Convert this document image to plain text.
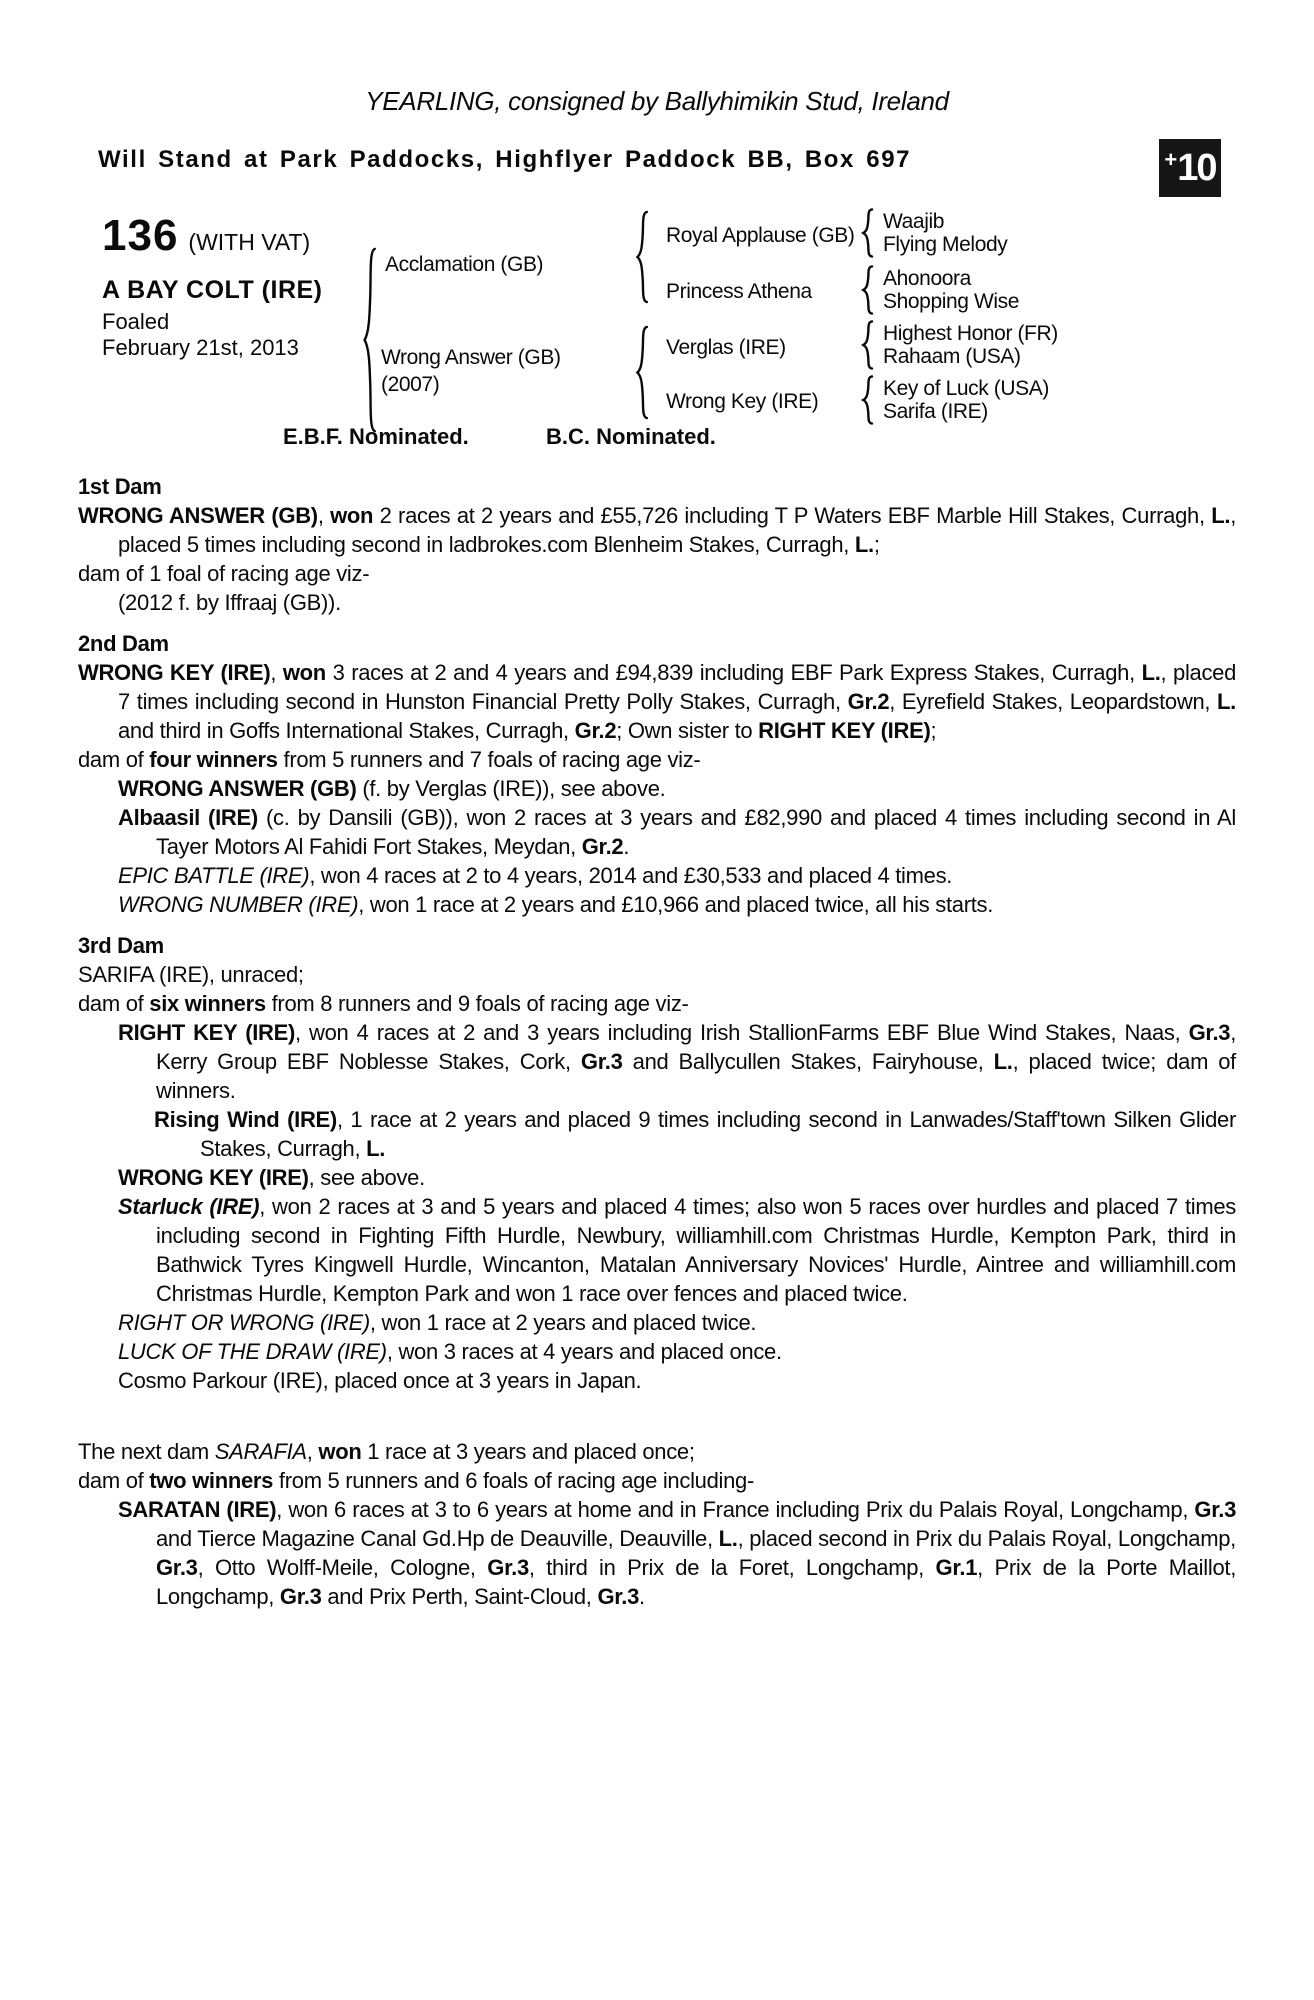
YEARLING, consigned by Ballyhimikin Stud, Ireland
Will Stand at Park Paddocks, Highflyer Paddock BB, Box 697	+ 10
136 (WITH VAT)
A BAY COLT (IRE)
Foaled
February 21st, 2013
Acclamation (GB)
Wrong Answer (GB)
(2007)
Royal Applause (GB)
Princess Athena
Verglas (IRE)
Wrong Key (IRE)
Waajib
Flying Melody
Ahonoora
Shopping Wise
Highest Honor (FR)
Rahaam (USA)
Key of Luck (USA)
Sarifa (IRE)
E.B.F. Nominated.	B.C. Nominated.

1st Dam

WRONG ANSWER (GB), won 2 races at 2 years and £55,726 including T P Waters EBF Marble Hill Stakes, Curragh, L., placed 5 times including second in ladbrokes.com Blenheim Stakes, Curragh, L.;

dam of 1 foal of racing age viz-

(2012 f. by Iffraaj (GB)).

2nd Dam

WRONG KEY (IRE), won 3 races at 2 and 4 years and £94,839 including EBF Park Express Stakes, Curragh, L., placed 7 times including second in Hunston Financial Pretty Polly Stakes, Curragh, Gr.2, Eyrefield Stakes, Leopardstown, L. and third in Goffs International Stakes, Curragh, Gr.2; Own sister to RIGHT KEY (IRE);

dam of four winners from 5 runners and 7 foals of racing age viz-

WRONG ANSWER (GB) (f. by Verglas (IRE)), see above.

Albaasil (IRE) (c. by Dansili (GB)), won 2 races at 3 years and £82,990 and placed 4 times including second in Al Tayer Motors Al Fahidi Fort Stakes, Meydan, Gr.2.

EPIC BATTLE (IRE), won 4 races at 2 to 4 years, 2014 and £30,533 and placed 4 times.

WRONG NUMBER (IRE), won 1 race at 2 years and £10,966 and placed twice, all his starts.

3rd Dam

SARIFA (IRE), unraced;

dam of six winners from 8 runners and 9 foals of racing age viz-

RIGHT KEY (IRE), won 4 races at 2 and 3 years including Irish StallionFarms EBF Blue Wind Stakes, Naas, Gr.3, Kerry Group EBF Noblesse Stakes, Cork, Gr.3 and Ballycullen Stakes, Fairyhouse, L., placed twice; dam of winners.

Rising Wind (IRE), 1 race at 2 years and placed 9 times including second in Lanwades/Staff'town Silken Glider Stakes, Curragh, L.

WRONG KEY (IRE), see above.

Starluck (IRE), won 2 races at 3 and 5 years and placed 4 times; also won 5 races over hurdles and placed 7 times including second in Fighting Fifth Hurdle, Newbury, williamhill.com Christmas Hurdle, Kempton Park, third in Bathwick Tyres Kingwell Hurdle, Wincanton, Matalan Anniversary Novices' Hurdle, Aintree and williamhill.com Christmas Hurdle, Kempton Park and won 1 race over fences and placed twice.

RIGHT OR WRONG (IRE), won 1 race at 2 years and placed twice.

LUCK OF THE DRAW (IRE), won 3 races at 4 years and placed once.

Cosmo Parkour (IRE), placed once at 3 years in Japan.

The next dam SARAFIA, won 1 race at 3 years and placed once;

dam of two winners from 5 runners and 6 foals of racing age including-

SARATAN (IRE), won 6 races at 3 to 6 years at home and in France including Prix du Palais Royal, Longchamp, Gr.3 and Tierce Magazine Canal Gd.Hp de Deauville, Deauville, L., placed second in Prix du Palais Royal, Longchamp, Gr.3, Otto Wolff-Meile, Cologne, Gr.3, third in Prix de la Foret, Longchamp, Gr.1, Prix de la Porte Maillot, Longchamp, Gr.3 and Prix Perth, Saint-Cloud, Gr.3.
